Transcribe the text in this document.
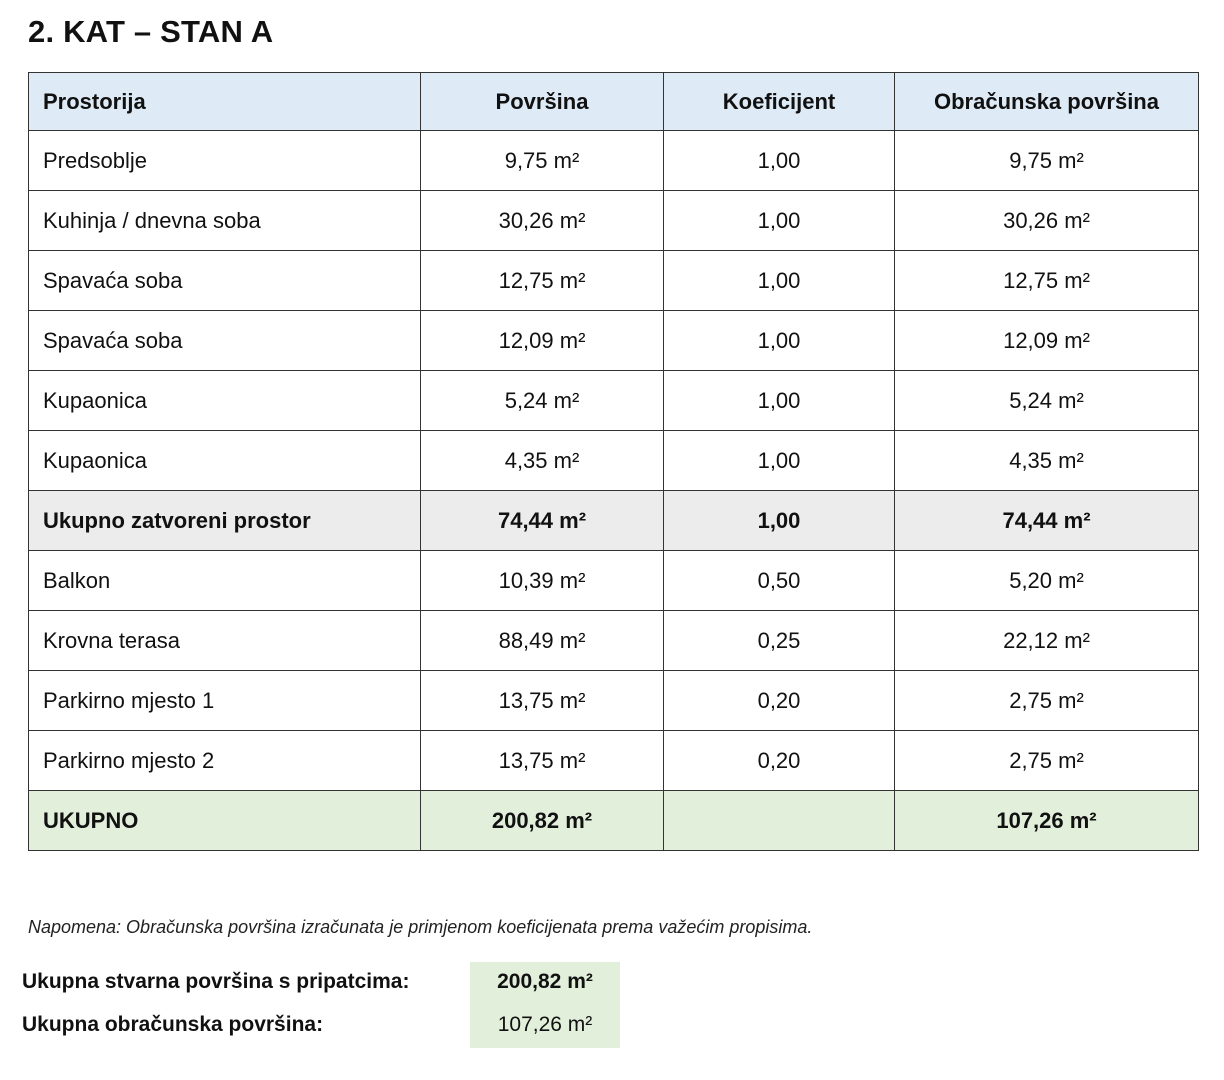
2. KAT – STAN A
Prostorija	Površina	Koeficijent	Obračunska površina
Predsoblje	9,75 m²	1,00	9,75 m²
Kuhinja / dnevna soba	30,26 m²	1,00	30,26 m²
Spavaća soba	12,75 m²	1,00	12,75 m²
Spavaća soba	12,09 m²	1,00	12,09 m²
Kupaonica	5,24 m²	1,00	5,24 m²
Kupaonica	4,35 m²	1,00	4,35 m²
Ukupno zatvoreni prostor	74,44 m²	1,00	74,44 m²
Balkon	10,39 m²	0,50	5,20 m²
Krovna terasa	88,49 m²	0,25	22,12 m²
Parkirno mjesto 1	13,75 m²	0,20	2,75 m²
Parkirno mjesto 2	13,75 m²	0,20	2,75 m²
UKUPNO	200,82 m²		107,26 m²
Napomena: Obračunska površina izračunata je primjenom koeficijenata prema važećim propisima.
Ukupna stvarna površina s pripatcima:	200,82 m²
Ukupna obračunska površina:	107,26 m²
